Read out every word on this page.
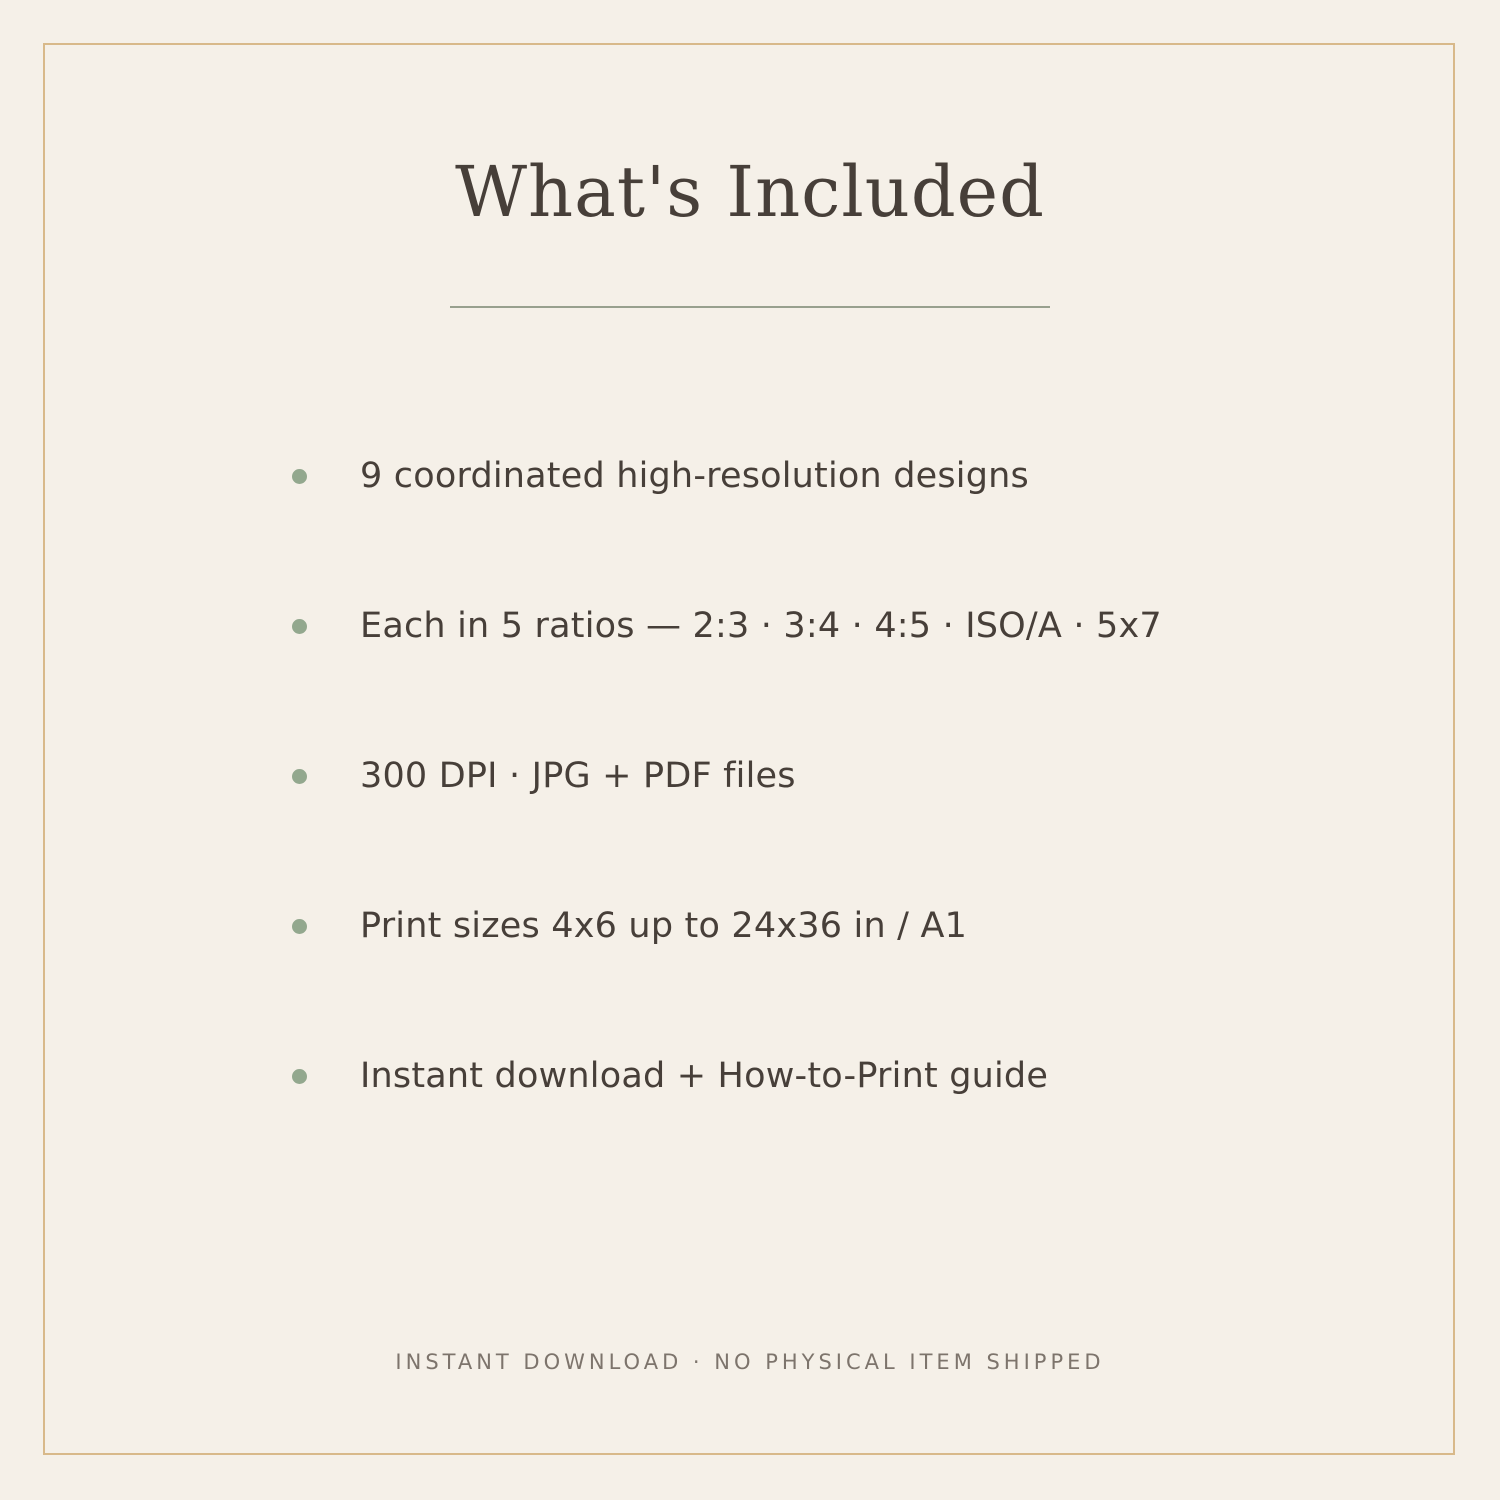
What's Included
9 coordinated high-resolution designs
Each in 5 ratios — 2:3 · 3:4 · 4:5 · ISO/A · 5x7
300 DPI · JPG + PDF files
Print sizes 4x6 up to 24x36 in / A1
Instant download + How-to-Print guide
INSTANT DOWNLOAD · NO PHYSICAL ITEM SHIPPED
